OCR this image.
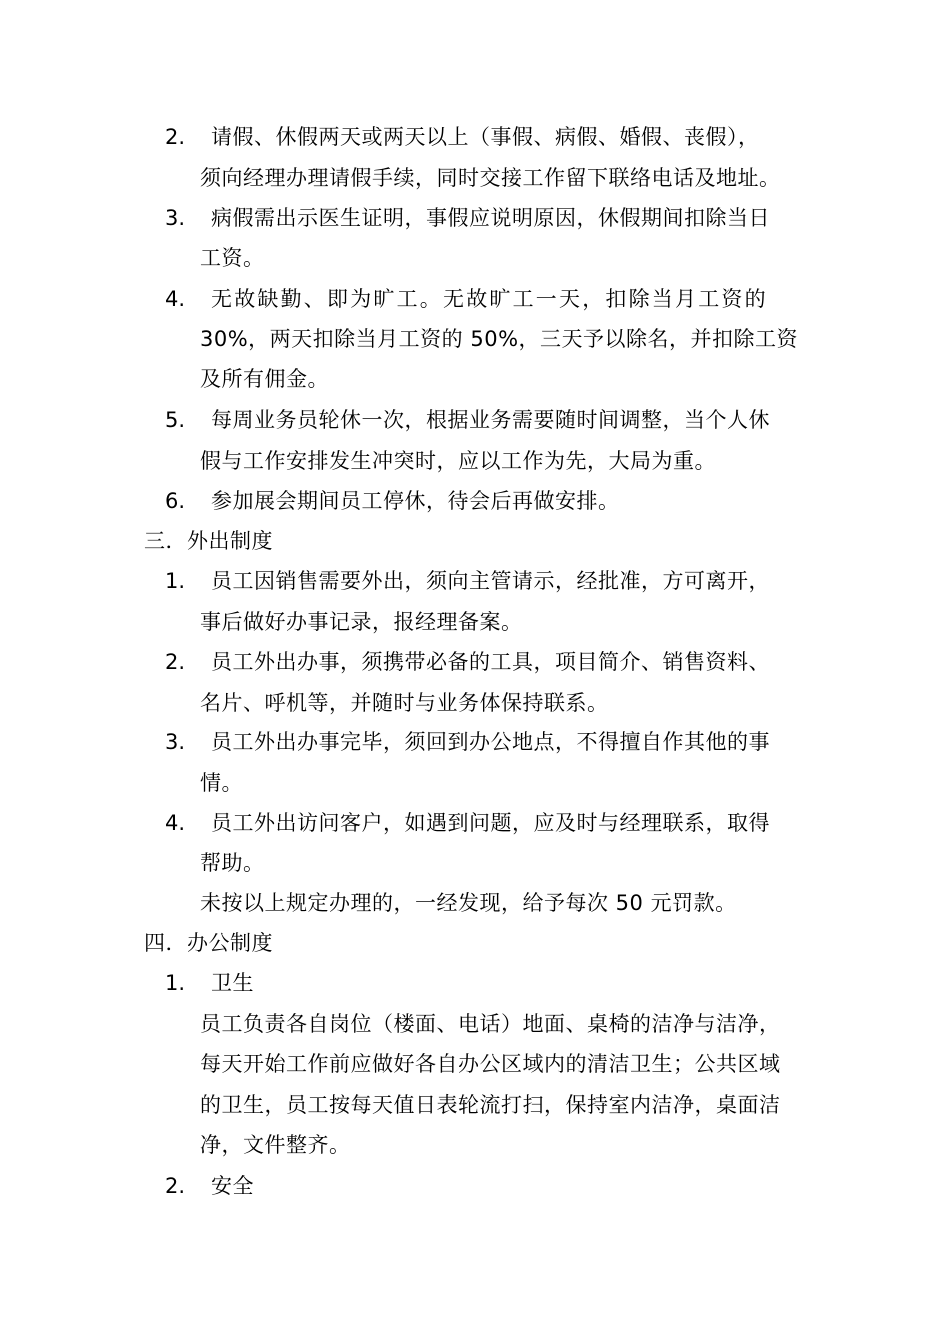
2. 请假、休假两天或两天以上（事假、病假、婚假、丧假），
须向经理办理请假手续，同时交接工作留下联络电话及地址。
3. 病假需出示医生证明，事假应说明原因，休假期间扣除当日
工资。
4. 无故缺勤、即为旷工。无故旷工一天，扣除当月工资的
30%，两天扣除当月工资的 50%，三天予以除名，并扣除工资
及所有佣金。
5. 每周业务员轮休一次，根据业务需要随时间调整，当个人休
假与工作安排发生冲突时，应以工作为先，大局为重。
6. 参加展会期间员工停休，待会后再做安排。
三．外出制度
1. 员工因销售需要外出，须向主管请示，经批准，方可离开，
事后做好办事记录，报经理备案。
2. 员工外出办事，须携带必备的工具，项目简介、销售资料、
名片、呼机等，并随时与业务体保持联系。
3. 员工外出办事完毕，须回到办公地点，不得擅自作其他的事
情。
4. 员工外出访问客户，如遇到问题，应及时与经理联系，取得
帮助。
未按以上规定办理的，一经发现，给予每次 50 元罚款。
四．办公制度
1. 卫生
员工负责各自岗位（楼面、电话）地面、桌椅的洁净与洁净，
每天开始工作前应做好各自办公区域内的清洁卫生；公共区域
的卫生，员工按每天值日表轮流打扫，保持室内洁净，桌面洁
净，文件整齐。
2. 安全
